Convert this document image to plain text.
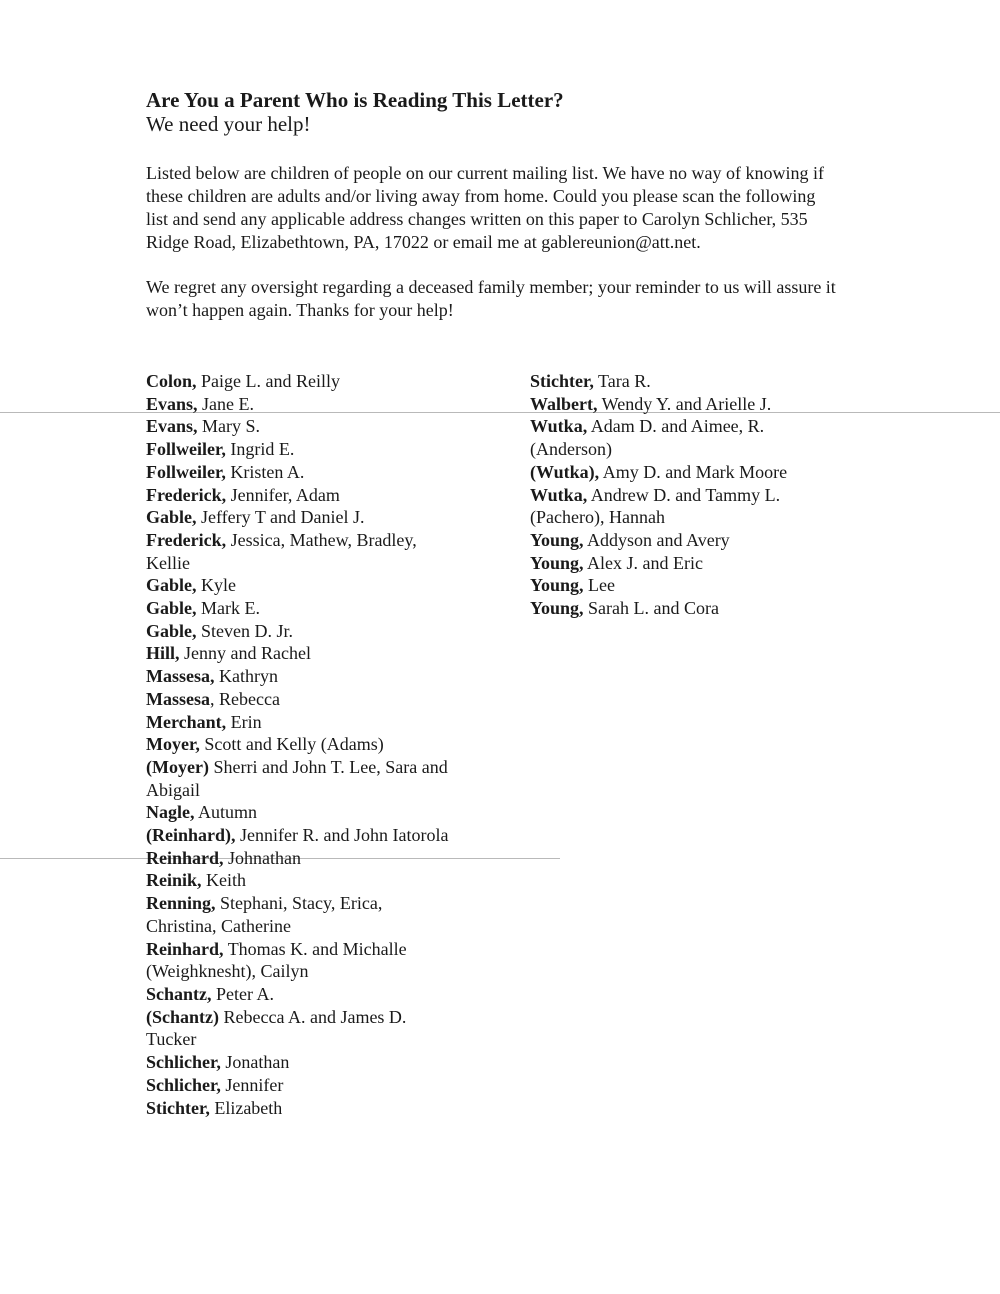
Are You a Parent Who is Reading This Letter?

We need your help!

Listed below are children of people on our current mailing list. We have no way of knowing if these children are adults and/or living away from home. Could you please scan the following list and send any applicable address changes written on this paper to Carolyn Schlicher, 535 Ridge Road, Elizabethtown, PA, 17022 or email me at gablereunion@att.net.

We regret any oversight regarding a deceased family member; your reminder to us will assure it won’t happen again. Thanks for your help!

Colon, Paige L. and Reilly

Evans, Jane E.

Evans, Mary S.

Follweiler, Ingrid E.

Follweiler, Kristen A.

Frederick, Jennifer, Adam

Gable, Jeffery T and Daniel J.

Frederick, Jessica, Mathew, Bradley, Kellie

Gable, Kyle

Gable, Mark E.

Gable, Steven D. Jr.

Hill, Jenny and Rachel

Massesa, Kathryn

Massesa, Rebecca

Merchant, Erin

Moyer, Scott and Kelly (Adams)

(Moyer) Sherri and John T. Lee, Sara and Abigail

Nagle, Autumn

(Reinhard), Jennifer R. and John Iatorola

Reinhard, Johnathan

Reinik, Keith

Renning, Stephani, Stacy, Erica, Christina, Catherine

Reinhard, Thomas K. and Michalle (Weighknesht), Cailyn

Schantz, Peter A.

(Schantz) Rebecca A. and James D. Tucker

Schlicher, Jonathan

Schlicher, Jennifer

Stichter, Elizabeth

Stichter, Tara R.

Walbert, Wendy Y. and Arielle J.

Wutka, Adam D. and Aimee, R. (Anderson)

(Wutka), Amy D. and Mark Moore

Wutka, Andrew D. and Tammy L. (Pachero), Hannah

Young, Addyson and Avery

Young, Alex J. and Eric

Young, Lee

Young, Sarah L. and Cora
